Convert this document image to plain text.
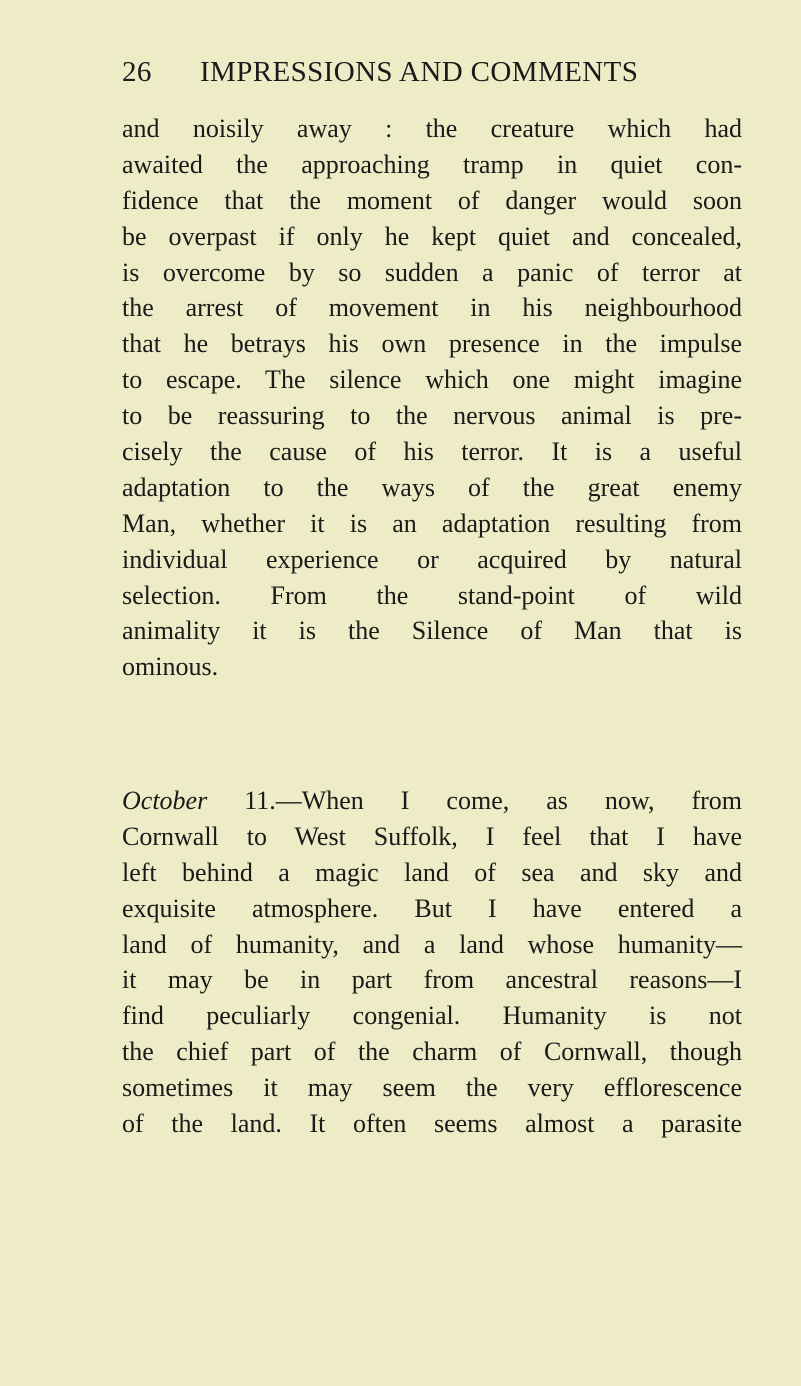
26 IMPRESSIONS AND COMMENTS
and noisily away : the creature which had
awaited the approaching tramp in quiet con-
fidence that the moment of danger would soon
be overpast if only he kept quiet and concealed,
is overcome by so sudden a panic of terror at
the arrest of movement in his neighbourhood
that he betrays his own presence in the impulse
to escape. The silence which one might imagine
to be reassuring to the nervous animal is pre-
cisely the cause of his terror. It is a useful
adaptation to the ways of the great enemy
Man, whether it is an adaptation resulting from
individual experience or acquired by natural
selection. From the stand-point of wild
animality it is the Silence of Man that is
ominous.
October 11.—When I come, as now, from
Cornwall to West Suffolk, I feel that I have
left behind a magic land of sea and sky and
exquisite atmosphere. But I have entered a
land of humanity, and a land whose humanity—
it may be in part from ancestral reasons—I
find peculiarly congenial. Humanity is not
the chief part of the charm of Cornwall, though
sometimes it may seem the very efflorescence
of the land. It often seems almost a parasite
